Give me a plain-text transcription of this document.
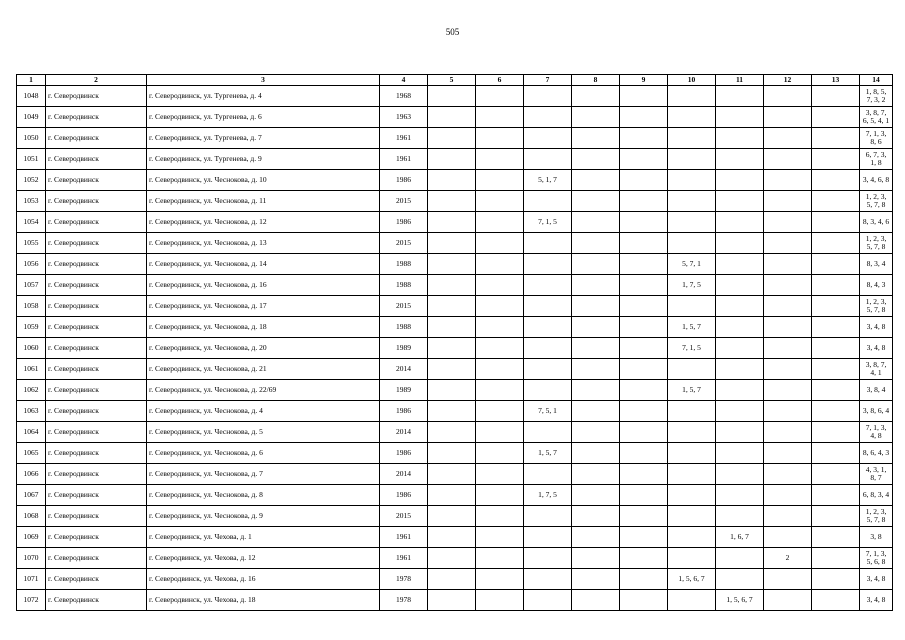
505
1	2	3	4	5	6	7	8	9	10	11	12	13	14
1048	г. Северодвинск	г. Северодвинск, ул. Тургенева, д. 4	1968										1, 8, 5, 7, 3, 2
1049	г. Северодвинск	г. Северодвинск, ул. Тургенева, д. 6	1963										3, 8, 7, 6, 5, 4, 1
1050	г. Северодвинск	г. Северодвинск, ул. Тургенева, д. 7	1961										7, 1, 3, 8, 6
1051	г. Северодвинск	г. Северодвинск, ул. Тургенева, д. 9	1961										6, 7, 3, 1, 8
1052	г. Северодвинск	г. Северодвинск, ул. Чеснокова, д. 10	1986			5, 1, 7							3, 4, 6, 8
1053	г. Северодвинск	г. Северодвинск, ул. Чеснокова, д. 11	2015										1, 2, 3, 5, 7, 8
1054	г. Северодвинск	г. Северодвинск, ул. Чеснокова, д. 12	1986			7, 1, 5							8, 3, 4, 6
1055	г. Северодвинск	г. Северодвинск, ул. Чеснокова, д. 13	2015										1, 2, 3, 5, 7, 8
1056	г. Северодвинск	г. Северодвинск, ул. Чеснокова, д. 14	1988						5, 7, 1				8, 3, 4
1057	г. Северодвинск	г. Северодвинск, ул. Чеснокова, д. 16	1988						1, 7, 5				8, 4, 3
1058	г. Северодвинск	г. Северодвинск, ул. Чеснокова, д. 17	2015										1, 2, 3, 5, 7, 8
1059	г. Северодвинск	г. Северодвинск, ул. Чеснокова, д. 18	1988						1, 5, 7				3, 4, 8
1060	г. Северодвинск	г. Северодвинск, ул. Чеснокова, д. 20	1989						7, 1, 5				3, 4, 8
1061	г. Северодвинск	г. Северодвинск, ул. Чеснокова, д. 21	2014										3, 8, 7, 4, 1
1062	г. Северодвинск	г. Северодвинск, ул. Чеснокова, д. 22/69	1989						1, 5, 7				3, 8, 4
1063	г. Северодвинск	г. Северодвинск, ул. Чеснокова, д. 4	1986			7, 5, 1							3, 8, 6, 4
1064	г. Северодвинск	г. Северодвинск, ул. Чеснокова, д. 5	2014										7, 1, 3, 4, 8
1065	г. Северодвинск	г. Северодвинск, ул. Чеснокова, д. 6	1986			1, 5, 7							8, 6, 4, 3
1066	г. Северодвинск	г. Северодвинск, ул. Чеснокова, д. 7	2014										4, 3, 1, 8, 7
1067	г. Северодвинск	г. Северодвинск, ул. Чеснокова, д. 8	1986			1, 7, 5							6, 8, 3, 4
1068	г. Северодвинск	г. Северодвинск, ул. Чеснокова, д. 9	2015										1, 2, 3, 5, 7, 8
1069	г. Северодвинск	г. Северодвинск, ул. Чехова, д. 1	1961							1, 6, 7			3, 8
1070	г. Северодвинск	г. Северодвинск, ул. Чехова, д. 12	1961								2		7, 1, 3, 5, 6, 8
1071	г. Северодвинск	г. Северодвинск, ул. Чехова, д. 16	1978						1, 5, 6, 7				3, 4, 8
1072	г. Северодвинск	г. Северодвинск, ул. Чехова, д. 18	1978							1, 5, 6, 7			3, 4, 8
